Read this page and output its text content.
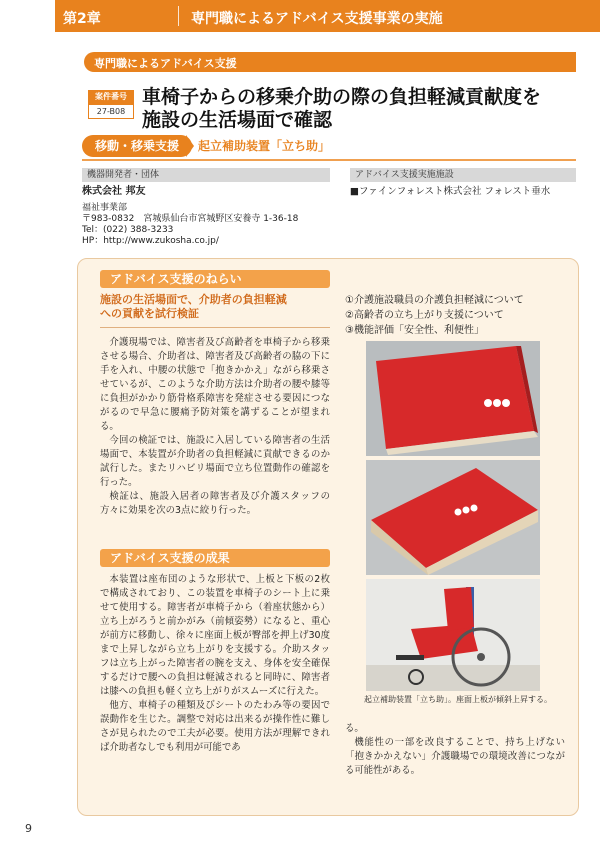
第2章	専門職によるアドバイス支援事業の実施
専門職によるアドバイス支援
案件番号
27-B08
車椅子からの移乗介助の際の負担軽減貢献度を
施設の生活場面で確認
移動・移乗支援	起立補助装置「立ち助」
機器開発者・団体
株式会社 邦友
福祉事業部
〒983-0832　宮城県仙台市宮城野区安養寺 1-36-18
Tel：(022) 388-3233
HP：http://www.zukosha.co.jp/
アドバイス支援実施施設
■ファインフォレスト株式会社 フォレスト垂水
アドバイス支援のねらい
施設の生活場面で、介助者の負担軽減
への貢献を試行検証

介護現場では、障害者及び高齢者を車椅子から移乗させる場合、介助者は、障害者及び高齢者の脇の下に手を入れ、中腰の状態で「抱きかかえ」ながら移乗させているが、このような介助方法は介助者の腰や膝等に負担がかかり筋骨格系障害を発症させる要因につながるので早急に腰痛予防対策を講ずることが望まれる。

今回の検証では、施設に入居している障害者の生活場面で、本装置が介助者の負担軽減に貢献できるのか試行した。またリハビリ場面で立ち位置動作の確認を行った。

検証は、施設入居者の障害者及び介護スタッフの方々に効果を次の3点に絞り行った。

アドバイス支援の成果

本装置は座布団のような形状で、上板と下板の2枚で構成されており、この装置を車椅子のシート上に乗せて使用する。障害者が車椅子から（着座状態から）立ち上がろうと前かがみ（前傾姿勢）になると、重心が前方に移動し、徐々に座面上板が臀部を押上げ30度まで上昇しながら立ち上がりを支援する。介助スタッフは立ち上がった障害者の腕を支え、身体を安全確保するだけで腰への負担は軽減されると同時に、障害者は膝への負担も軽く立ち上がりがスムーズに行えた。

他方、車椅子の種類及びシートのたわみ等の要因で誤動作を生じた。調整で対応は出来るが操作性に難しさが見られたので工夫が必要。使用方法が理解できれば介助者なしでも利用が可能であ

①介護施設職員の介護負担軽減について
②高齢者の立ち上がり支援について
③機能評価「安全性、利便性」
起立補助装置「立ち助」。座面上板が傾斜上昇する。

る。

機能性の一部を改良することで、持ち上げない「抱きかかえない」介護職場での環境改善につながる可能性がある。

9
